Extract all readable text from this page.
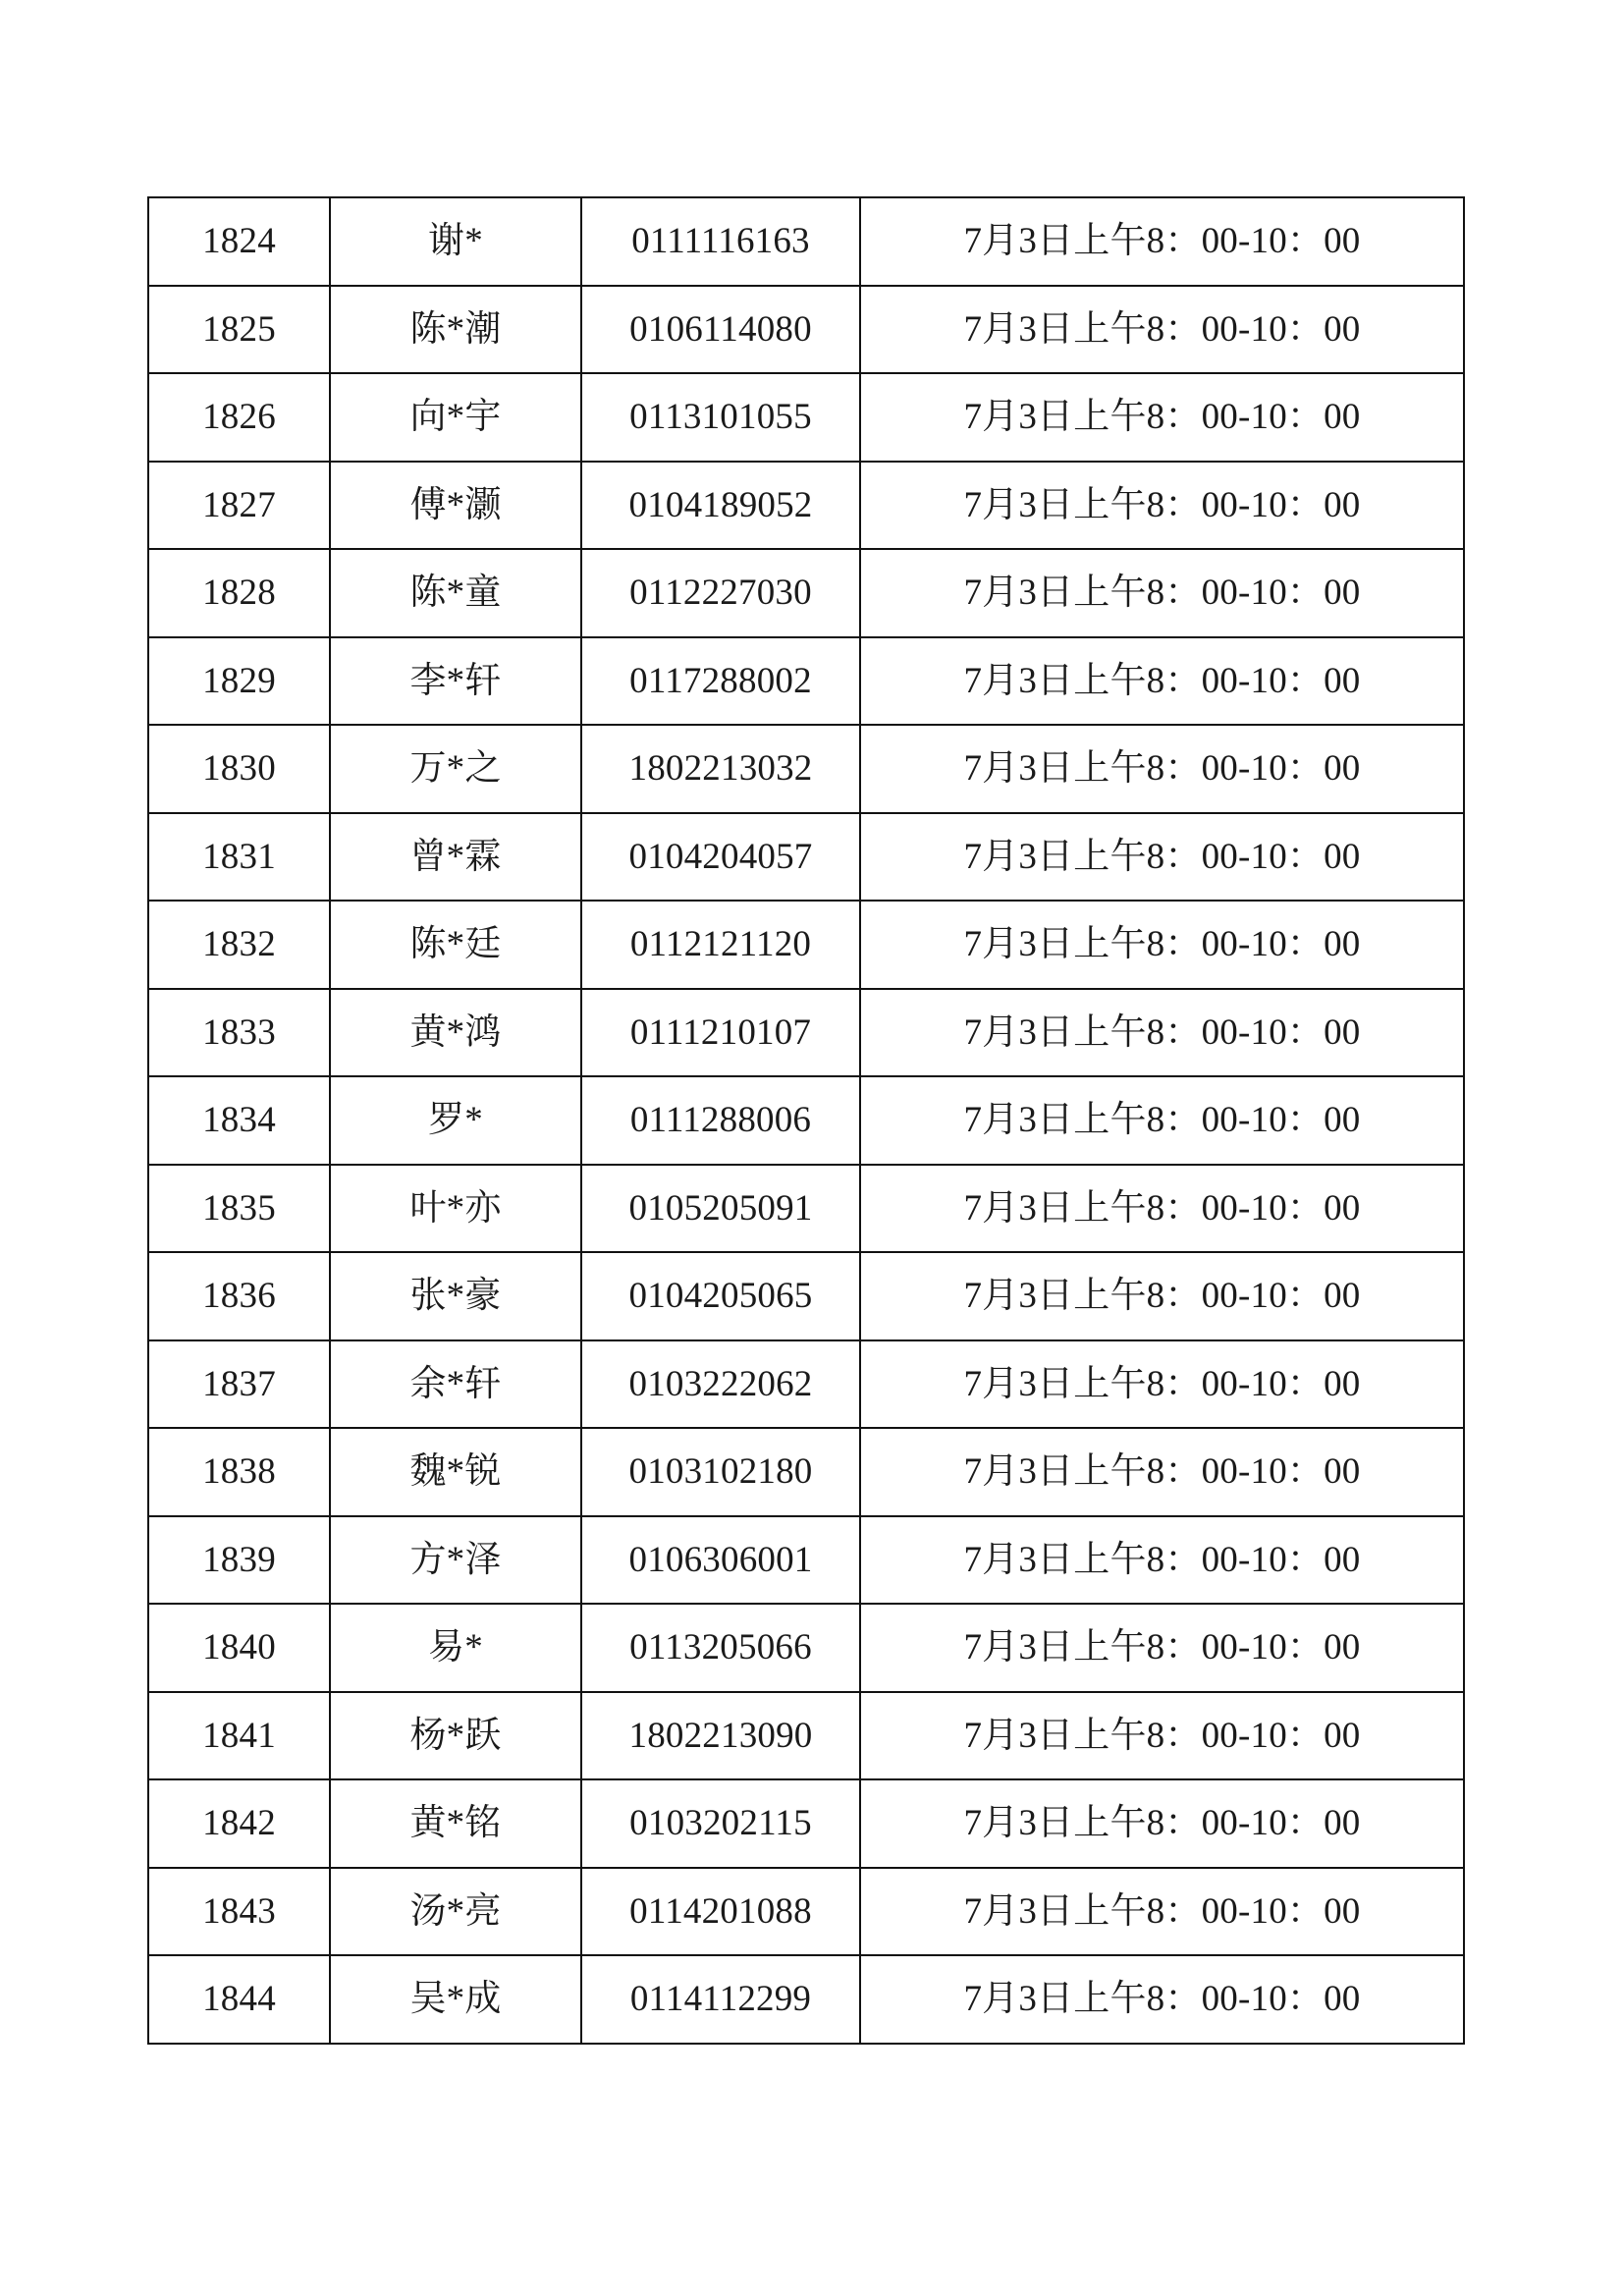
1824	谢*	0111116163	7月3日上午8：00-10：00
1825	陈*潮	0106114080	7月3日上午8：00-10：00
1826	向*宇	0113101055	7月3日上午8：00-10：00
1827	傅*灏	0104189052	7月3日上午8：00-10：00
1828	陈*童	0112227030	7月3日上午8：00-10：00
1829	李*轩	0117288002	7月3日上午8：00-10：00
1830	万*之	1802213032	7月3日上午8：00-10：00
1831	曾*霖	0104204057	7月3日上午8：00-10：00
1832	陈*廷	0112121120	7月3日上午8：00-10：00
1833	黄*鸿	0111210107	7月3日上午8：00-10：00
1834	罗*	0111288006	7月3日上午8：00-10：00
1835	叶*亦	0105205091	7月3日上午8：00-10：00
1836	张*豪	0104205065	7月3日上午8：00-10：00
1837	余*轩	0103222062	7月3日上午8：00-10：00
1838	魏*锐	0103102180	7月3日上午8：00-10：00
1839	方*泽	0106306001	7月3日上午8：00-10：00
1840	易*	0113205066	7月3日上午8：00-10：00
1841	杨*跃	1802213090	7月3日上午8：00-10：00
1842	黄*铭	0103202115	7月3日上午8：00-10：00
1843	汤*亮	0114201088	7月3日上午8：00-10：00
1844	吴*成	0114112299	7月3日上午8：00-10：00
